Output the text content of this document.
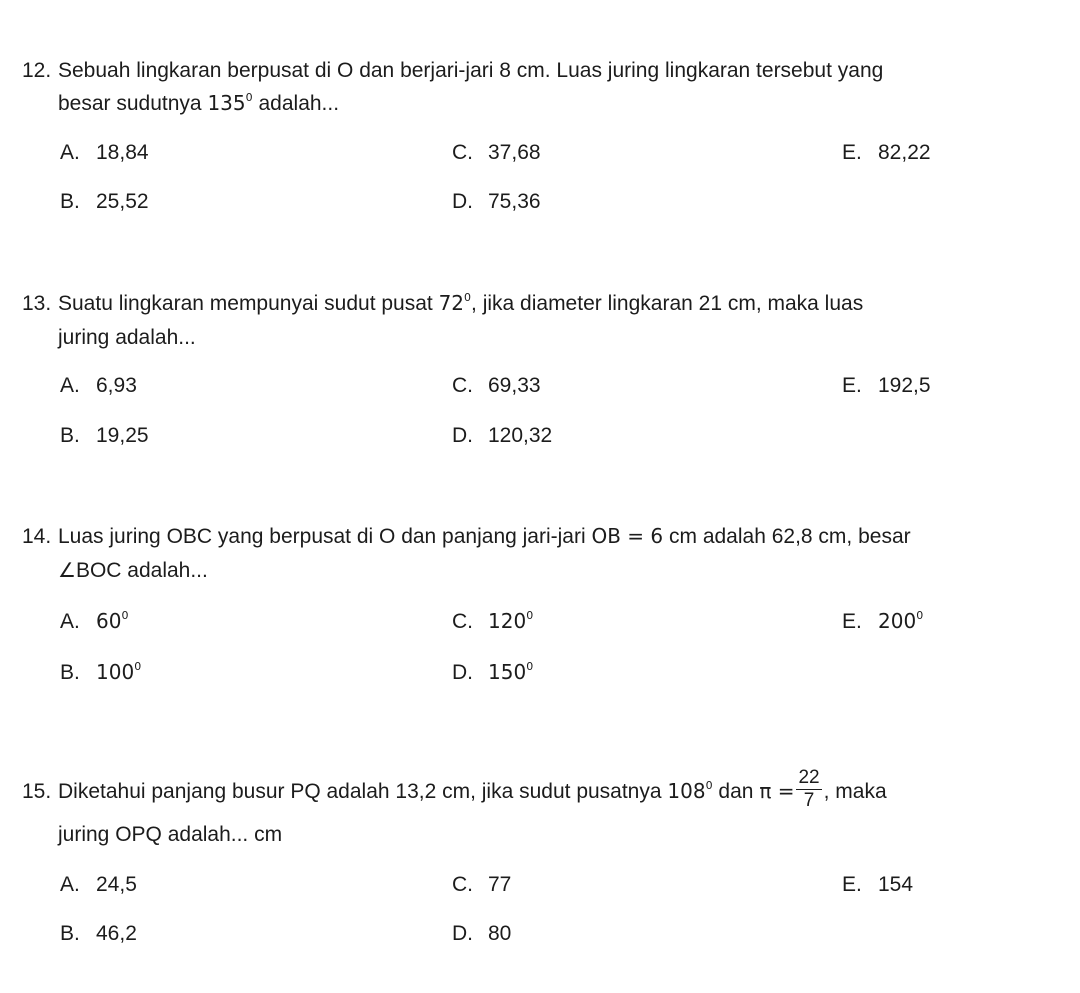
12. Sebuah lingkaran berpusat di O dan berjari-jari 8 cm. Luas juring lingkaran tersebut yang
besar sudutnya $135^0$ adalah...
A. 18,84
B. 25,52
C. 37,68
D. 75,36
E. 82,22
13. Suatu lingkaran mempunyai sudut pusat $72^0$, jika diameter lingkaran 21 cm, maka luas
juring adalah...
A. 6,93
B. 19,25
C. 69,33
D. 120,32
E. 192,5
14. Luas juring OBC yang berpusat di O dan panjang jari-jari OB = 6 cm adalah 62,8 cm, besar
∠BOC adalah...
A. $60^0$
B. $100^0$
C. $120^0$
D. $150^0$
E. $200^0$
15. Diketahui panjang busur PQ adalah 13,2 cm, jika sudut pusatnya $108^0$ dan $\pi = \frac{22}{7}$ , maka
juring OPQ adalah... cm
A. 24,5
B. 46,2
C. 77
D. 80
E. 154
